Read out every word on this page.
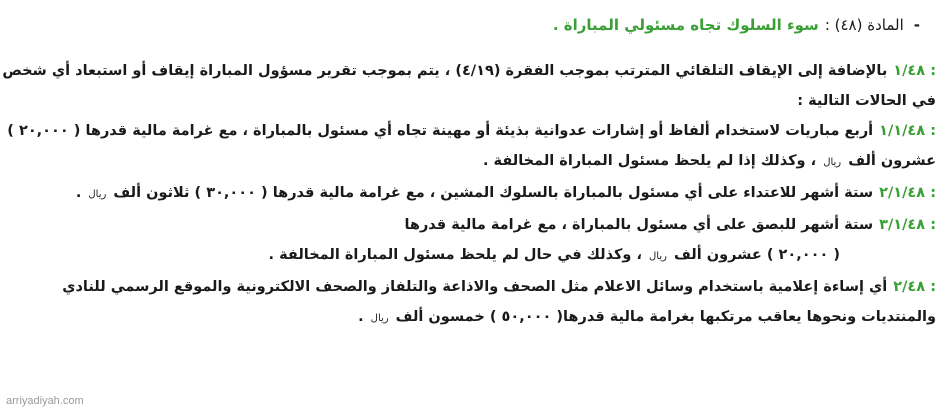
-
المادة (٤٨) :
سوء السلوك تجاه مسئولي المباراة .
١/٤٨ :
بالإضافة إلى الإيقاف التلقائي المترتب بموجب الفقرة (٤/١٩) ، يتم بموجب تقرير مسؤول المباراة إيقاف أو استبعاد أي شخص
في الحالات التالية :
١/١/٤٨ :
أربع مباريات لاستخدام ألفاظ أو إشارات عدوانية بذيئة أو مهينة تجاه أي مسئول بالمباراة ، مع غرامة مالية قدرها ( ٢٠,٠٠٠ )
عشرون ألف ريال ، وكذلك إذا لم يلحظ مسئول المباراة المخالفة .
٢/١/٤٨ :
ستة أشهر للاعتداء على أي مسئول بالمباراة بالسلوك المشين ، مع غرامة مالية قدرها ( ٣٠,٠٠٠ ) ثلاثون ألف ريال .
٣/١/٤٨ :
ستة أشهر للبصق على أي مسئول بالمباراة ، مع غرامة مالية قدرها
( ٢٠,٠٠٠ ) عشرون ألف ريال ، وكذلك في حال لم يلحظ مسئول المباراة المخالفة .
٢/٤٨ :
أي إساءة إعلامية باستخدام وسائل الاعلام مثل الصحف والاذاعة والتلفاز والصحف الالكترونية والموقع الرسمي للنادي
والمنتديات ونحوها يعاقب مرتكبها بغرامة مالية قدرها( ٥٠,٠٠٠ ) خمسون ألف ريال .
arriyadiyah.com
